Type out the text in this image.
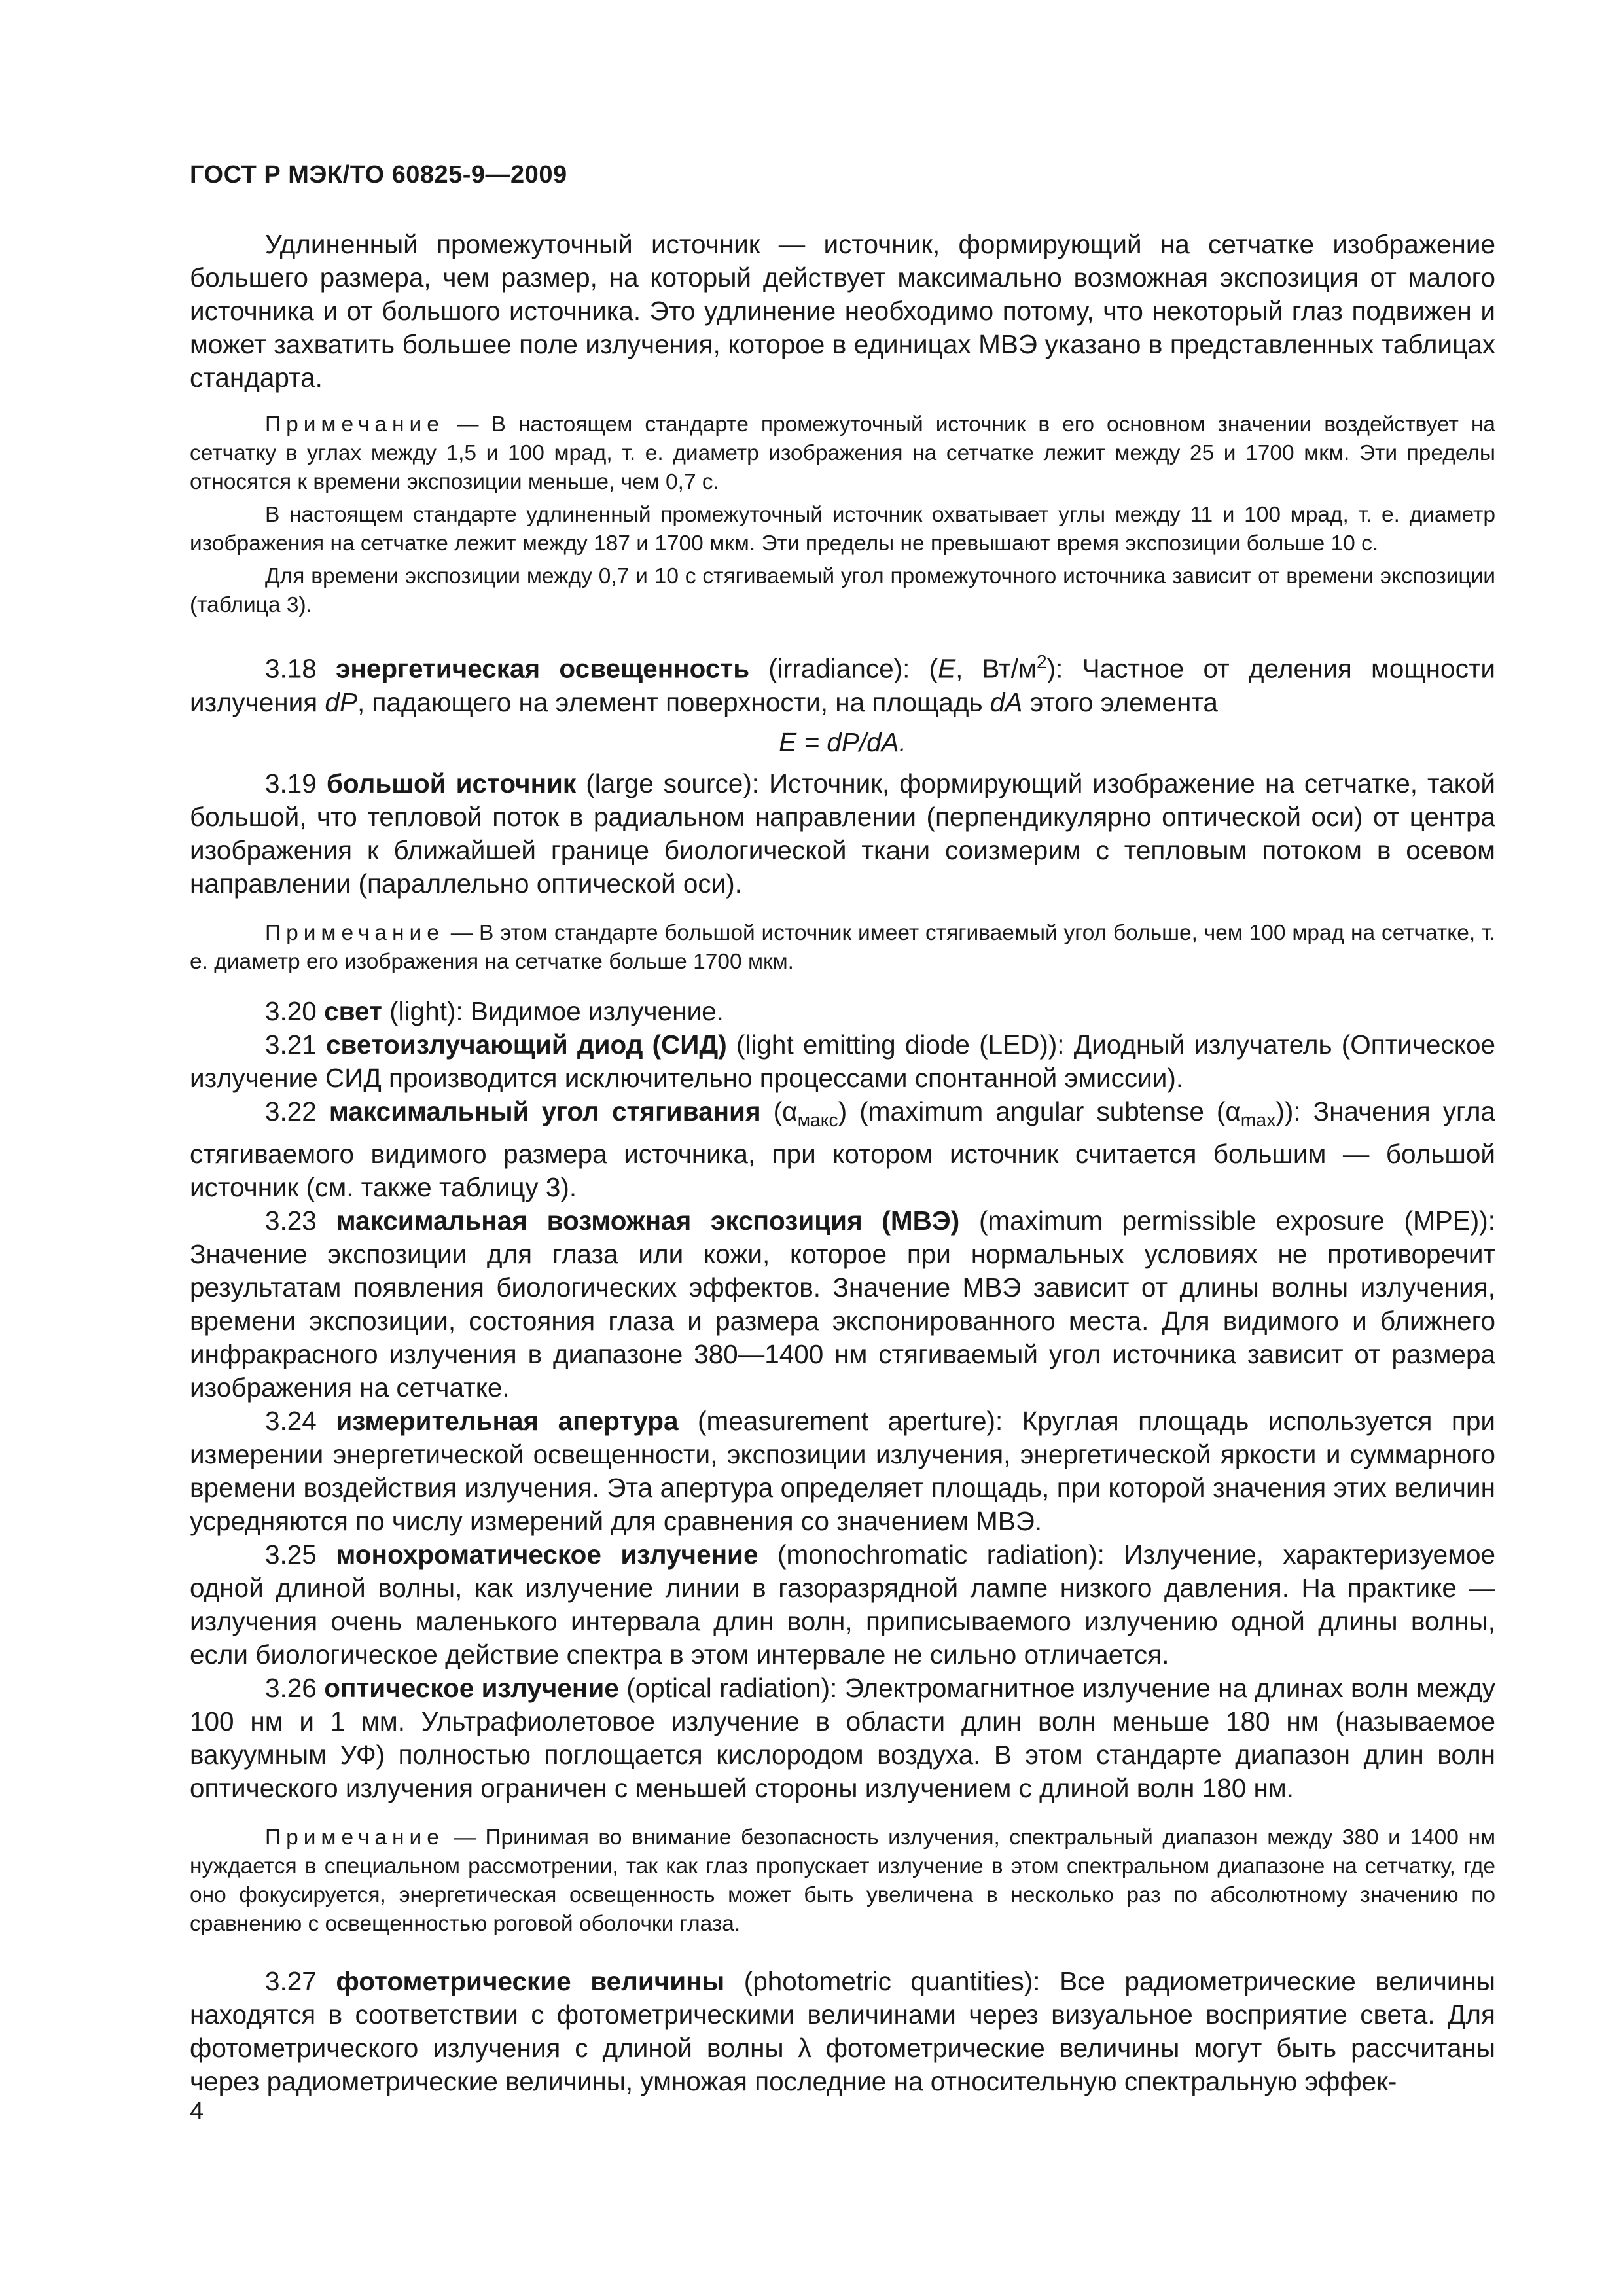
ГОСТ Р МЭК/ТО 60825-9—2009

Удлиненный промежуточный источник — источник, формирующий на сетчатке изображение большего размера, чем размер, на который действует максимально возможная экспозиция от малого источника и от большого источника. Это удлинение необходимо потому, что некоторый глаз подвижен и может захватить большее поле излучения, которое в единицах МВЭ указано в представленных таблицах стандарта.

Примечание — В настоящем стандарте промежуточный источник в его основном значении воздействует на сетчатку в углах между 1,5 и 100 мрад, т. е. диаметр изображения на сетчатке лежит между 25 и 1700 мкм. Эти пределы относятся к времени экспозиции меньше, чем 0,7 с.

В настоящем стандарте удлиненный промежуточный источник охватывает углы между 11 и 100 мрад, т. е. диаметр изображения на сетчатке лежит между 187 и 1700 мкм. Эти пределы не превышают время экспозиции больше 10 с.

Для времени экспозиции между 0,7 и 10 с стягиваемый угол промежуточного источника зависит от времени экспозиции (таблица 3).

3.18 энергетическая освещенность (irradiance): (E, $Вт/м^2$): Частное от деления мощности излучения dP, падающего на элемент поверхности, на площадь dA этого элемента

E = dP/dA.

3.19 большой источник (large source): Источник, формирующий изображение на сетчатке, такой большой, что тепловой поток в радиальном направлении (перпендикулярно оптической оси) от центра изображения к ближайшей границе биологической ткани соизмерим с тепловым потоком в осевом направлении (параллельно оптической оси).

Примечание — В этом стандарте большой источник имеет стягиваемый угол больше, чем 100 мрад на сетчатке, т. е. диаметр его изображения на сетчатке больше 1700 мкм.

3.20 свет (light): Видимое излучение.

3.21 светоизлучающий диод (СИД) (light emitting diode (LED)): Диодный излучатель (Оптическое излучение СИД производится исключительно процессами спонтанной эмиссии).

3.22 максимальный угол стягивания $(\alpha_{макс})$ (maximum angular subtense $(\alpha_{max})$): Значения угла стягиваемого видимого размера источника, при котором источник считается большим — большой источник (см. также таблицу 3).

3.23 максимальная возможная экспозиция (МВЭ) (maximum permissible exposure (MPE)): Значение экспозиции для глаза или кожи, которое при нормальных условиях не противоречит результатам появления биологических эффектов. Значение МВЭ зависит от длины волны излучения, времени экспозиции, состояния глаза и размера экспонированного места. Для видимого и ближнего инфракрасного излучения в диапазоне 380—1400 нм стягиваемый угол источника зависит от размера изображения на сетчатке.

3.24 измерительная апертура (measurement aperture): Круглая площадь используется при измерении энергетической освещенности, экспозиции излучения, энергетической яркости и суммарного времени воздействия излучения. Эта апертура определяет площадь, при которой значения этих величин усредняются по числу измерений для сравнения со значением МВЭ.

3.25 монохроматическое излучение (monochromatic radiation): Излучение, характеризуемое одной длиной волны, как излучение линии в газоразрядной лампе низкого давления. На практике — излучения очень маленького интервала длин волн, приписываемого излучению одной длины волны, если биологическое действие спектра в этом интервале не сильно отличается.

3.26 оптическое излучение (optical radiation): Электромагнитное излучение на длинах волн между 100 нм и 1 мм. Ультрафиолетовое излучение в области длин волн меньше 180 нм (называемое вакуумным УФ) полностью поглощается кислородом воздуха. В этом стандарте диапазон длин волн оптического излучения ограничен с меньшей стороны излучением с длиной волн 180 нм.

Примечание — Принимая во внимание безопасность излучения, спектральный диапазон между 380 и 1400 нм нуждается в специальном рассмотрении, так как глаз пропускает излучение в этом спектральном диапазоне на сетчатку, где оно фокусируется, энергетическая освещенность может быть увеличена в несколько раз по абсолютному значению по сравнению с освещенностью роговой оболочки глаза.

3.27 фотометрические величины (photometric quantities): Все радиометрические величины находятся в соответствии с фотометрическими величинами через визуальное восприятие света. Для фотометрического излучения с длиной волны λ фотометрические величины могут быть рассчитаны через радиометрические величины, умножая последние на относительную спектральную эффек-

4
